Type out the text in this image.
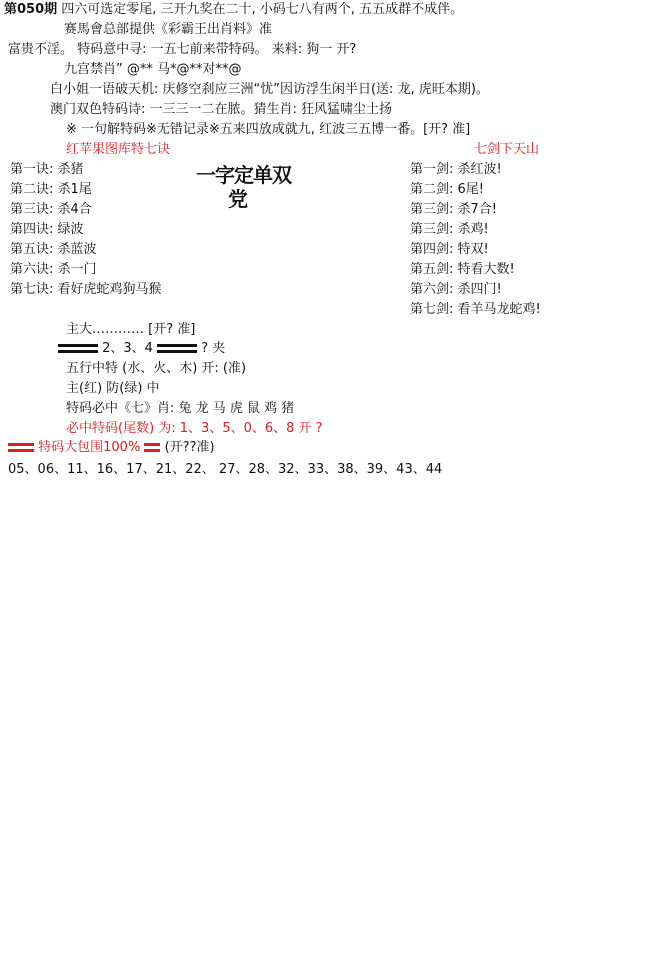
第050期 四六可选定零尾, 三开九奖在二十, 小码七八有两个, 五五成群不成伴。
赛馬會总部提供《彩霸王出肖料》准
富贵不淫。 特码意中寻: 一五七前来带特码。 来料: 狗一 开?
九宫禁肖” @** 马*@**对**@
白小姐一语破天机: 庆修空刹应三洲“忧”因访浮生闲半日(送: 龙, 虎旺本期)。
澳门双色特码诗: 一三三一二在脓。猜生肖: 狂风猛啸尘土扬
※ 一句解特码※无错记录※五来四放成就九, 红波三五博一番。[开? 准]
红苹果图库特七诀	七剑下天山
第一诀: 杀猪
第二诀: 杀1尾
第三诀: 杀4合
第四诀: 绿波
第五诀: 杀蓝波
第六诀: 杀一门
第七诀: 看好虎蛇鸡狗马猴
一字定单双
党
第一剑: 杀红波!
第二剑: 6尾!
第三剑: 杀7合!
第三剑: 杀鸡!
第四剑: 特双!
第五剑: 特看大数!
第六剑: 杀四门!
第七剑: 看羊马龙蛇鸡!
主大………… [开? 准]
2、3、4	? 夹
五行中特 (水、火、木) 开: (准)
主(红) 防(绿) 中
特码必中《七》肖: 兔 龙 马 虎 鼠 鸡 猪
必中特码(尾数) 为: 1、3、5、0、6、8 开 ?
特码大包围100% (开??准)
05、06、11、16、17、21、22、 27、28、32、33、38、39、43、44
